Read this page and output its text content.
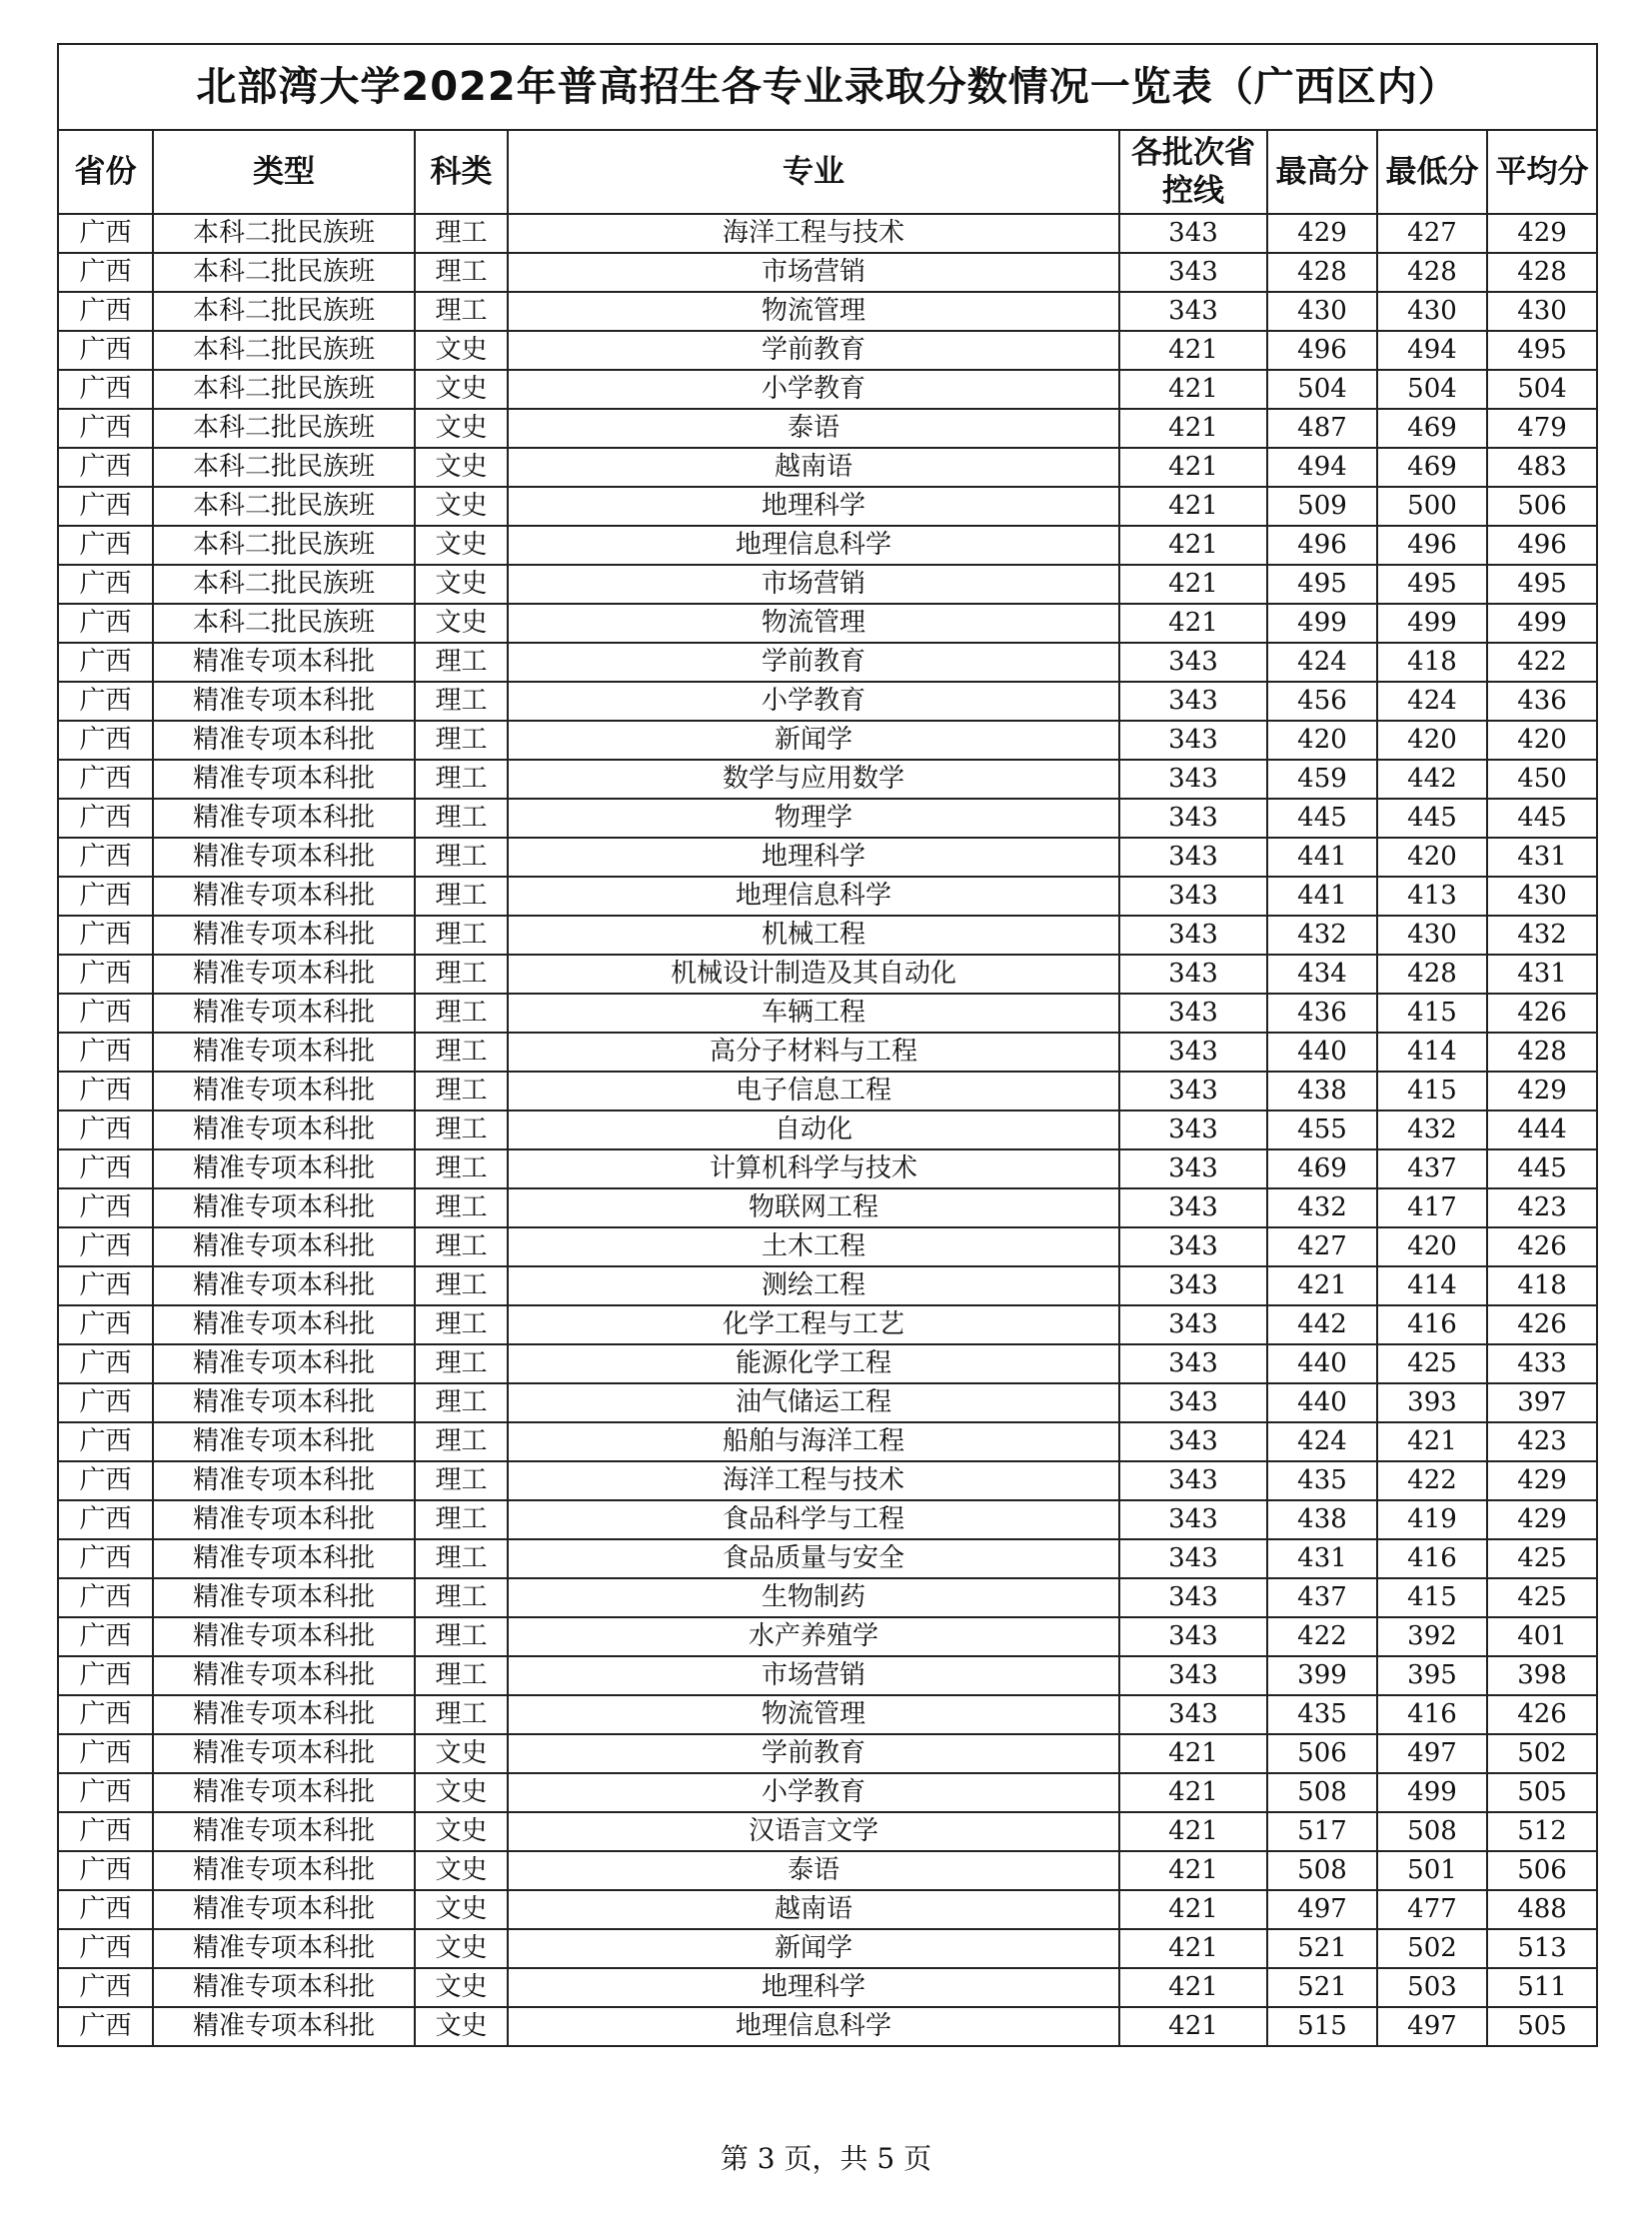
北部湾大学2022年普高招生各专业录取分数情况一览表（广西区内）							
省份	类型	科类	专业	各批次省控线	最高分	最低分	平均分
广西	本科二批民族班	理工	海洋工程与技术	343	429	427	429
广西	本科二批民族班	理工	市场营销	343	428	428	428
广西	本科二批民族班	理工	物流管理	343	430	430	430
广西	本科二批民族班	文史	学前教育	421	496	494	495
广西	本科二批民族班	文史	小学教育	421	504	504	504
广西	本科二批民族班	文史	泰语	421	487	469	479
广西	本科二批民族班	文史	越南语	421	494	469	483
广西	本科二批民族班	文史	地理科学	421	509	500	506
广西	本科二批民族班	文史	地理信息科学	421	496	496	496
广西	本科二批民族班	文史	市场营销	421	495	495	495
广西	本科二批民族班	文史	物流管理	421	499	499	499
广西	精准专项本科批	理工	学前教育	343	424	418	422
广西	精准专项本科批	理工	小学教育	343	456	424	436
广西	精准专项本科批	理工	新闻学	343	420	420	420
广西	精准专项本科批	理工	数学与应用数学	343	459	442	450
广西	精准专项本科批	理工	物理学	343	445	445	445
广西	精准专项本科批	理工	地理科学	343	441	420	431
广西	精准专项本科批	理工	地理信息科学	343	441	413	430
广西	精准专项本科批	理工	机械工程	343	432	430	432
广西	精准专项本科批	理工	机械设计制造及其自动化	343	434	428	431
广西	精准专项本科批	理工	车辆工程	343	436	415	426
广西	精准专项本科批	理工	高分子材料与工程	343	440	414	428
广西	精准专项本科批	理工	电子信息工程	343	438	415	429
广西	精准专项本科批	理工	自动化	343	455	432	444
广西	精准专项本科批	理工	计算机科学与技术	343	469	437	445
广西	精准专项本科批	理工	物联网工程	343	432	417	423
广西	精准专项本科批	理工	土木工程	343	427	420	426
广西	精准专项本科批	理工	测绘工程	343	421	414	418
广西	精准专项本科批	理工	化学工程与工艺	343	442	416	426
广西	精准专项本科批	理工	能源化学工程	343	440	425	433
广西	精准专项本科批	理工	油气储运工程	343	440	393	397
广西	精准专项本科批	理工	船舶与海洋工程	343	424	421	423
广西	精准专项本科批	理工	海洋工程与技术	343	435	422	429
广西	精准专项本科批	理工	食品科学与工程	343	438	419	429
广西	精准专项本科批	理工	食品质量与安全	343	431	416	425
广西	精准专项本科批	理工	生物制药	343	437	415	425
广西	精准专项本科批	理工	水产养殖学	343	422	392	401
广西	精准专项本科批	理工	市场营销	343	399	395	398
广西	精准专项本科批	理工	物流管理	343	435	416	426
广西	精准专项本科批	文史	学前教育	421	506	497	502
广西	精准专项本科批	文史	小学教育	421	508	499	505
广西	精准专项本科批	文史	汉语言文学	421	517	508	512
广西	精准专项本科批	文史	泰语	421	508	501	506
广西	精准专项本科批	文史	越南语	421	497	477	488
广西	精准专项本科批	文史	新闻学	421	521	502	513
广西	精准专项本科批	文史	地理科学	421	521	503	511
广西	精准专项本科批	文史	地理信息科学	421	515	497	505
第 3 页，共 5 页
